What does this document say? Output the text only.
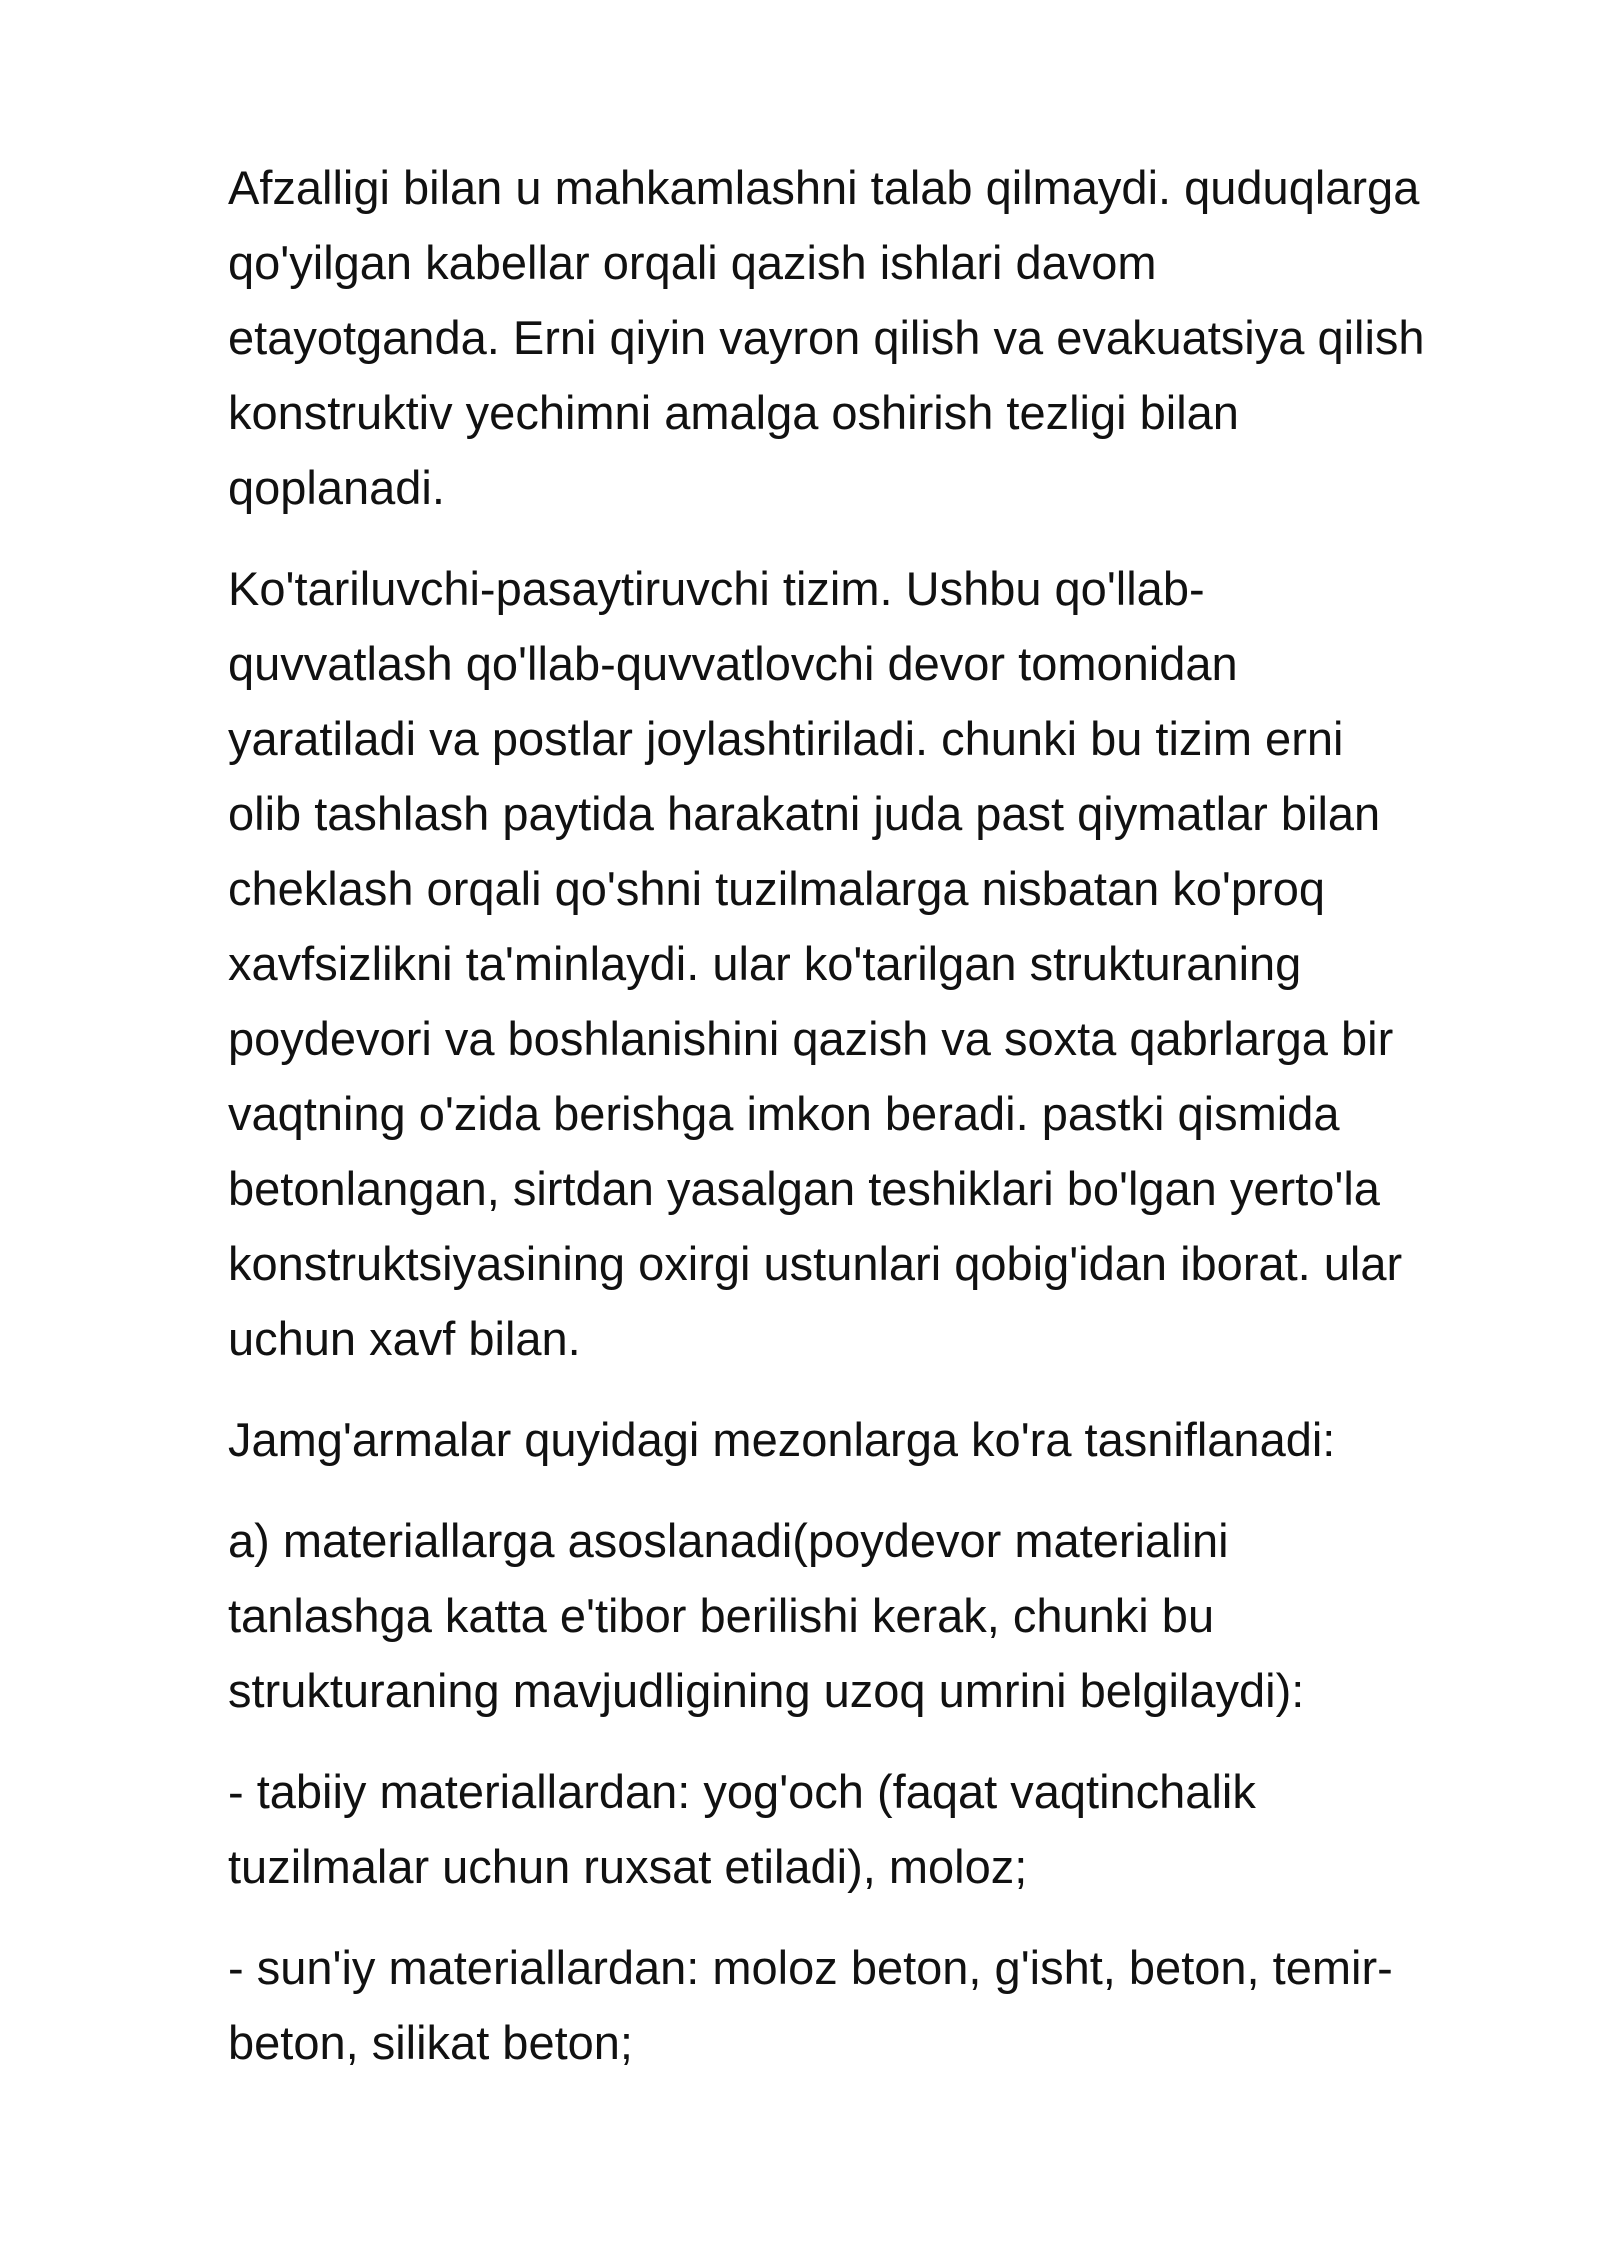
Afzalligi bilan u mahkamlashni talab qilmaydi. quduqlarga
qo'yilgan kabellar orqali qazish ishlari davom
etayotganda. Erni qiyin vayron qilish va evakuatsiya qilish
konstruktiv yechimni amalga oshirish tezligi bilan
qoplanadi.

Ko'tariluvchi-pasaytiruvchi tizim. Ushbu qo'llab-
quvvatlash qo'llab-quvvatlovchi devor tomonidan
yaratiladi va postlar joylashtiriladi. chunki bu tizim erni
olib tashlash paytida harakatni juda past qiymatlar bilan
cheklash orqali qo'shni tuzilmalarga nisbatan ko'proq
xavfsizlikni ta'minlaydi. ular ko'tarilgan strukturaning
poydevori va boshlanishini qazish va soxta qabrlarga bir
vaqtning o'zida berishga imkon beradi. pastki qismida
betonlangan, sirtdan yasalgan teshiklari bo'lgan yerto'la
konstruktsiyasining oxirgi ustunlari qobig'idan iborat. ular
uchun xavf bilan.

Jamg'armalar quyidagi mezonlarga ko'ra tasniflanadi:

a) materiallarga asoslanadi(poydevor materialini
tanlashga katta e'tibor berilishi kerak, chunki bu
strukturaning mavjudligining uzoq umrini belgilaydi):

- tabiiy materiallardan: yog'och (faqat vaqtinchalik
tuzilmalar uchun ruxsat etiladi), moloz;

- sun'iy materiallardan: moloz beton, g'isht, beton, temir-
beton, silikat beton;
